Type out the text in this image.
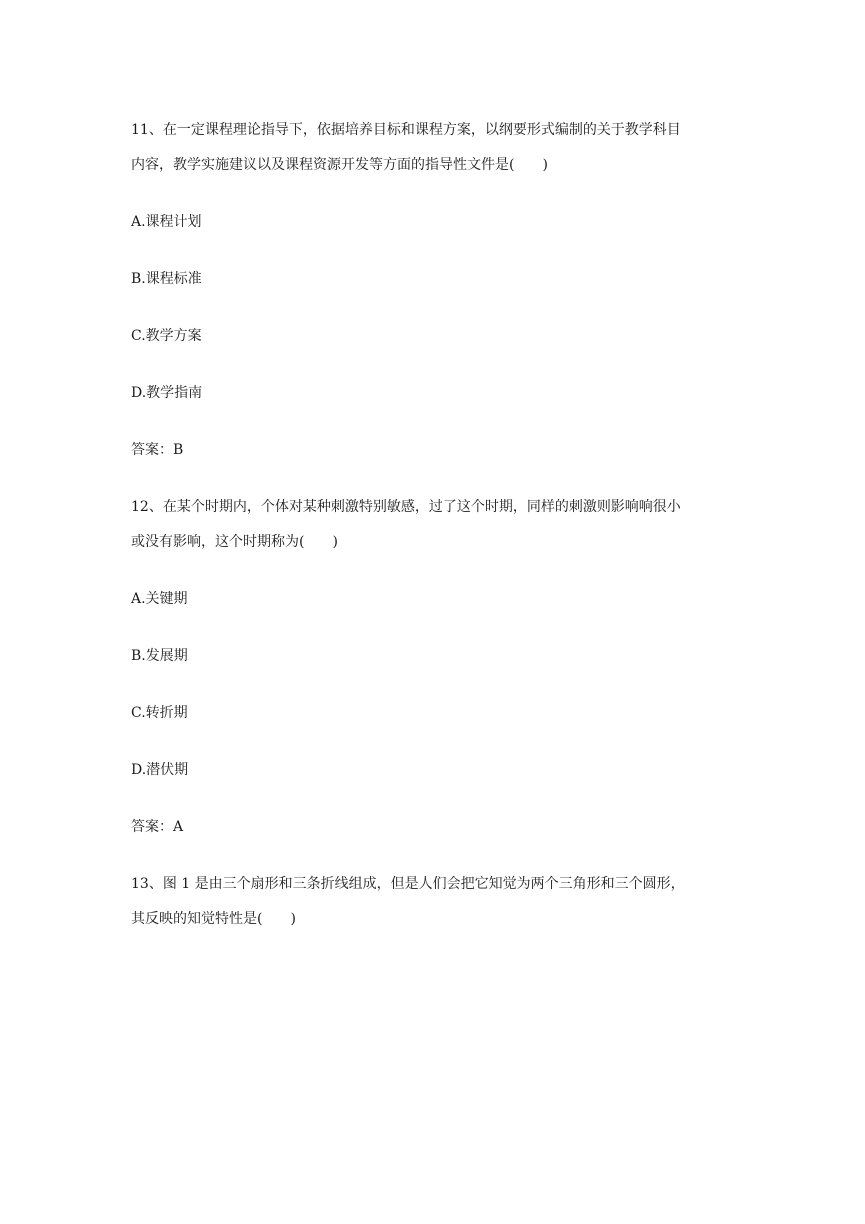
11、在一定课程理论指导下，依据培养目标和课程方案，以纲要形式编制的关于教学科目
内容，教学实施建议以及课程资源开发等方面的指导性文件是(　　)
A.课程计划
B.课程标准
C.教学方案
D.教学指南
答案：B
12、在某个时期内，个体对某种刺激特别敏感，过了这个时期，同样的刺激则影响响很小
或没有影响，这个时期称为(　　)
A.关键期
B.发展期
C.转折期
D.潜伏期
答案：A
13、图 1 是由三个扇形和三条折线组成，但是人们会把它知觉为两个三角形和三个圆形，
其反映的知觉特性是(　　)
